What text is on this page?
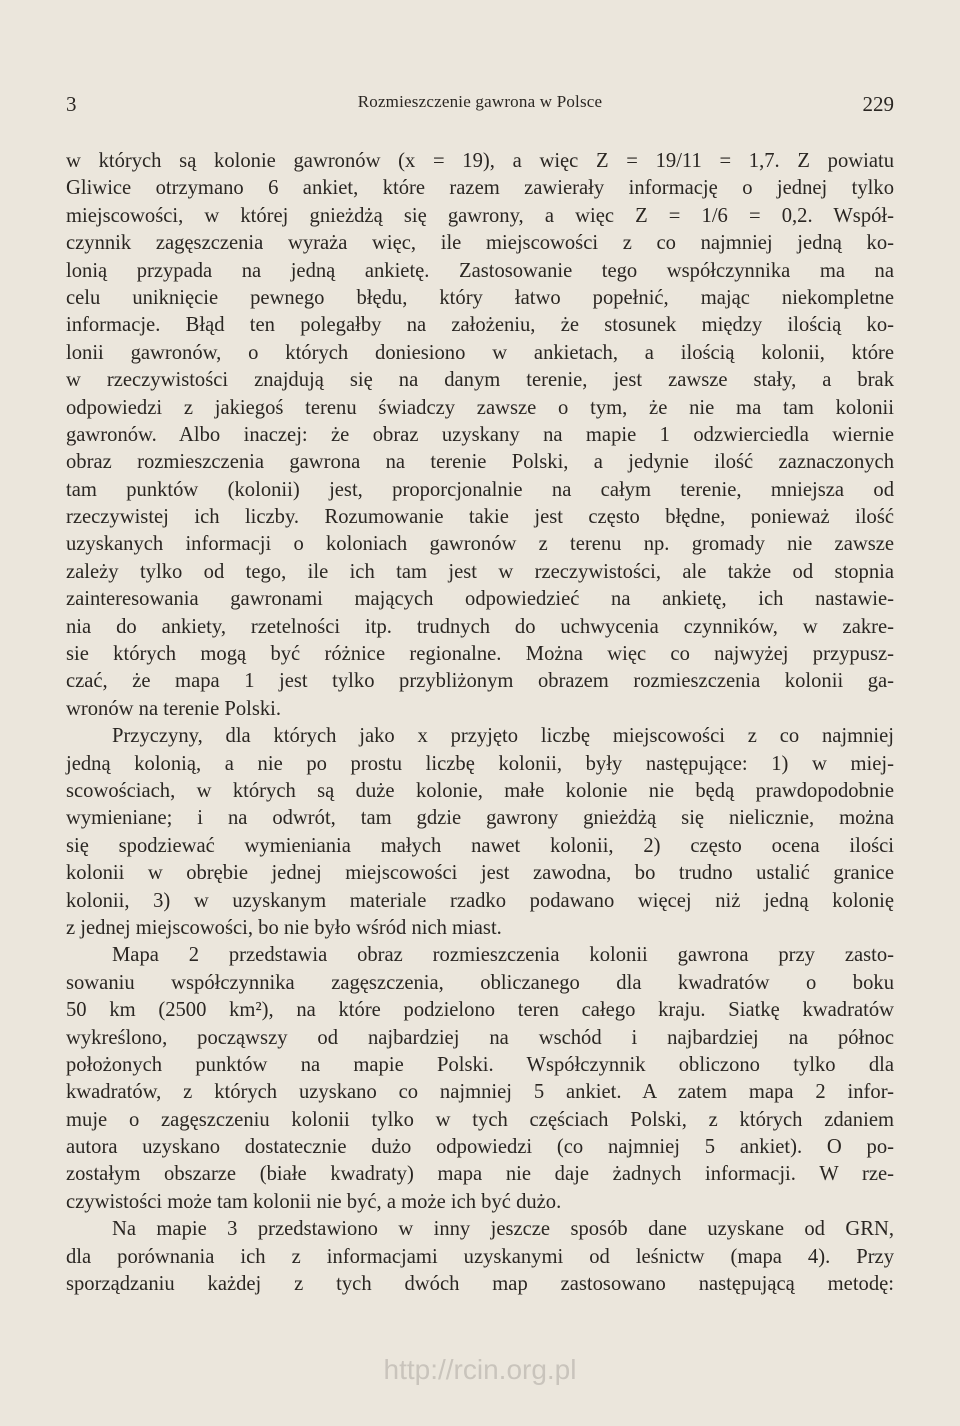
3	Rozmieszczenie gawrona w Polsce	229
w których są kolonie gawronów (x = 19), a więc Z = 19/11 = 1,7. Z powiatu
Gliwice otrzymano 6 ankiet, które razem zawierały informację o jednej tylko
miejscowości, w której gnieżdżą się gawrony, a więc Z = 1/6 = 0,2. Współ-
czynnik zagęszczenia wyraża więc, ile miejscowości z co najmniej jedną ko-
lonią przypada na jedną ankietę. Zastosowanie tego współczynnika ma na
celu uniknięcie pewnego błędu, który łatwo popełnić, mając niekompletne
informacje. Błąd ten polegałby na założeniu, że stosunek między ilością ko-
lonii gawronów, o których doniesiono w ankietach, a ilością kolonii, które
w rzeczywistości znajdują się na danym terenie, jest zawsze stały, a brak
odpowiedzi z jakiegoś terenu świadczy zawsze o tym, że nie ma tam kolonii
gawronów. Albo inaczej: że obraz uzyskany na mapie 1 odzwierciedla wiernie
obraz rozmieszczenia gawrona na terenie Polski, a jedynie ilość zaznaczonych
tam punktów (kolonii) jest, proporcjonalnie na całym terenie, mniejsza od
rzeczywistej ich liczby. Rozumowanie takie jest często błędne, ponieważ ilość
uzyskanych informacji o koloniach gawronów z terenu np. gromady nie zawsze
zależy tylko od tego, ile ich tam jest w rzeczywistości, ale także od stopnia
zainteresowania gawronami mających odpowiedzieć na ankietę, ich nastawie-
nia do ankiety, rzetelności itp. trudnych do uchwycenia czynników, w zakre-
sie których mogą być różnice regionalne. Można więc co najwyżej przypusz-
czać, że mapa 1 jest tylko przybliżonym obrazem rozmieszczenia kolonii ga-
wronów na terenie Polski.
Przyczyny, dla których jako x przyjęto liczbę miejscowości z co najmniej
jedną kolonią, a nie po prostu liczbę kolonii, były następujące: 1) w miej-
scowościach, w których są duże kolonie, małe kolonie nie będą prawdopodobnie
wymieniane; i na odwrót, tam gdzie gawrony gnieżdżą się nielicznie, można
się spodziewać wymieniania małych nawet kolonii, 2) często ocena ilości
kolonii w obrębie jednej miejscowości jest zawodna, bo trudno ustalić granice
kolonii, 3) w uzyskanym materiale rzadko podawano więcej niż jedną kolonię
z jednej miejscowości, bo nie było wśród nich miast.
Mapa 2 przedstawia obraz rozmieszczenia kolonii gawrona przy zasto-
sowaniu współczynnika zagęszczenia, obliczanego dla kwadratów o boku
50 km (2500 km²), na które podzielono teren całego kraju. Siatkę kwadratów
wykreślono, począwszy od najbardziej na wschód i najbardziej na północ
położonych punktów na mapie Polski. Współczynnik obliczono tylko dla
kwadratów, z których uzyskano co najmniej 5 ankiet. A zatem mapa 2 infor-
muje o zagęszczeniu kolonii tylko w tych częściach Polski, z których zdaniem
autora uzyskano dostatecznie dużo odpowiedzi (co najmniej 5 ankiet). O po-
zostałym obszarze (białe kwadraty) mapa nie daje żadnych informacji. W rze-
czywistości może tam kolonii nie być, a może ich być dużo.
Na mapie 3 przedstawiono w inny jeszcze sposób dane uzyskane od GRN,
dla porównania ich z informacjami uzyskanymi od leśnictw (mapa 4). Przy
sporządzaniu każdej z tych dwóch map zastosowano następującą metodę:
http://rcin.org.pl
